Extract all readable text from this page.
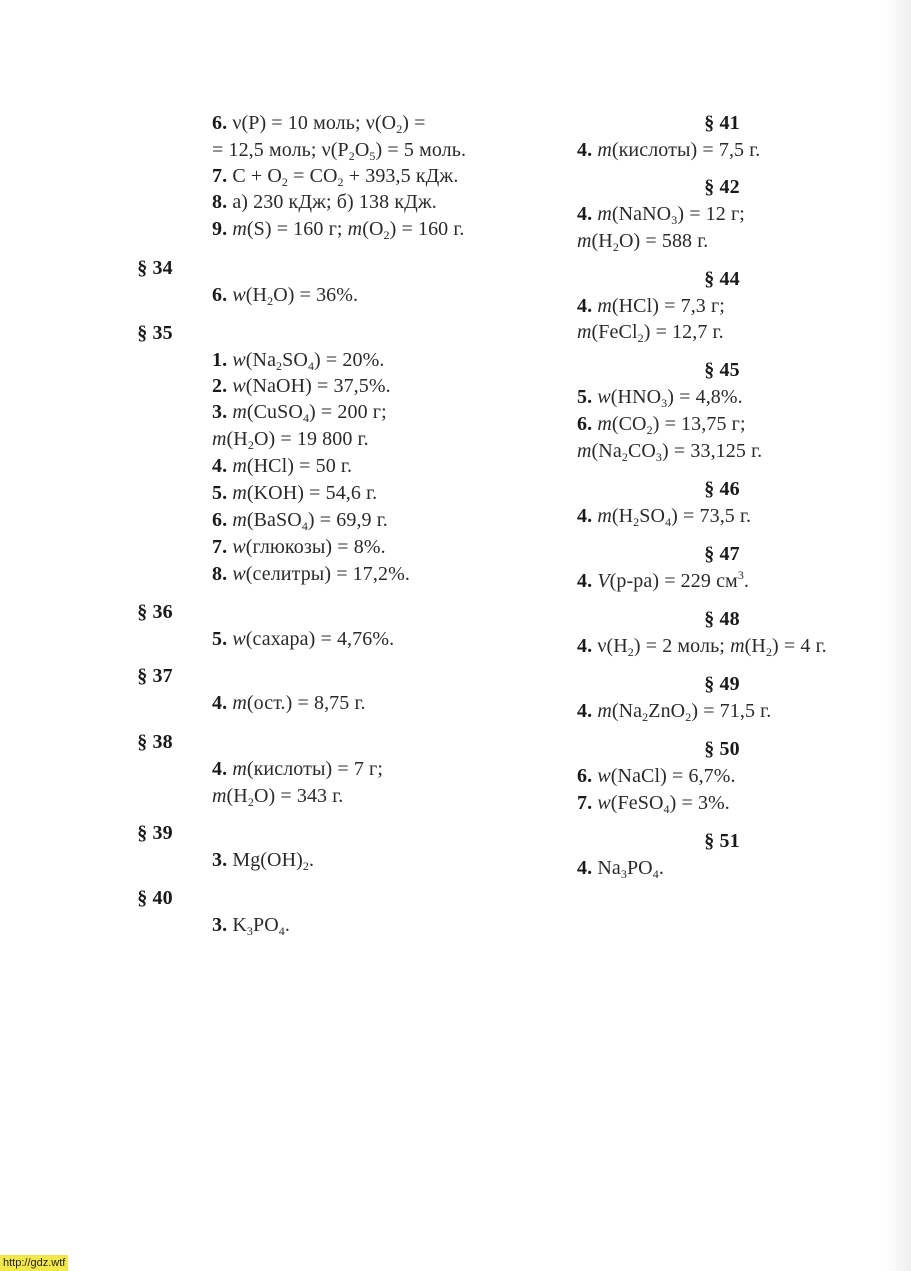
6. ν(P) = 10 моль; $\nu(O_2)$ =
= 12,5 моль; $\nu(P_2O_5) = 5$ моль.
7. $C + O_2 = CO_2 + 393,5$ кДж.
8. а) 230 кДж; б) 138 кДж.
9. m(S) = 160 г; $m(O_2) = 160$ г.
§ 34
6. $w(H_2O) = 36\%$.
§ 35
1. $w(Na_2SO_4) = 20\%$.
2. w(NaOH) = 37,5%.
3. m(CuSO$_4$) = 200 г;
$m(H_2O) = 19$ 800 г.
4. m(HCl) = 50 г.
5. m(KOH) = 54,6 г.
6. m(BaSO$_4$) = 69,9 г.
7. w(глюкозы) = 8%.
8. w(селитры) = 17,2%.
§ 36
5. w(сахара) = 4,76%.
§ 37
4. m(ост.) = 8,75 г.
§ 38
4. m(кислоты) = 7 г;
$m(H_2O) = 343$ г.
§ 39
3. $Mg(OH)_2$.
§ 40
3. $K_3PO_4$.
§ 41
4. m(кислоты) = 7,5 г.
§ 42
4. m(NaNO$_3$) = 12 г;
$m(H_2O) = 588$ г.
§ 44
4. m(HCl) = 7,3 г;
m(FeCl$_2$) = 12,7 г.
§ 45
5. $w(HNO_3) = 4,8\%$.
6. $m(CO_2) = 13,75$ г;
$m(Na_2CO_3) = 33,125$ г.
§ 46
4. $m(H_2SO_4) = 73,5$ г.
§ 47
4. V(р-ра) = 229 $см^3$.
§ 48
4. $\nu(H_2) = 2$ моль; $m(H_2) = 4$ г.
§ 49
4. $m(Na_2ZnO_2) = 71,5$ г.
§ 50
6. w(NaCl) = 6,7%.
7. w(FeSO$_4$) = 3%.
§ 51
4. $Na_3PO_4$.
http://gdz.wtf
